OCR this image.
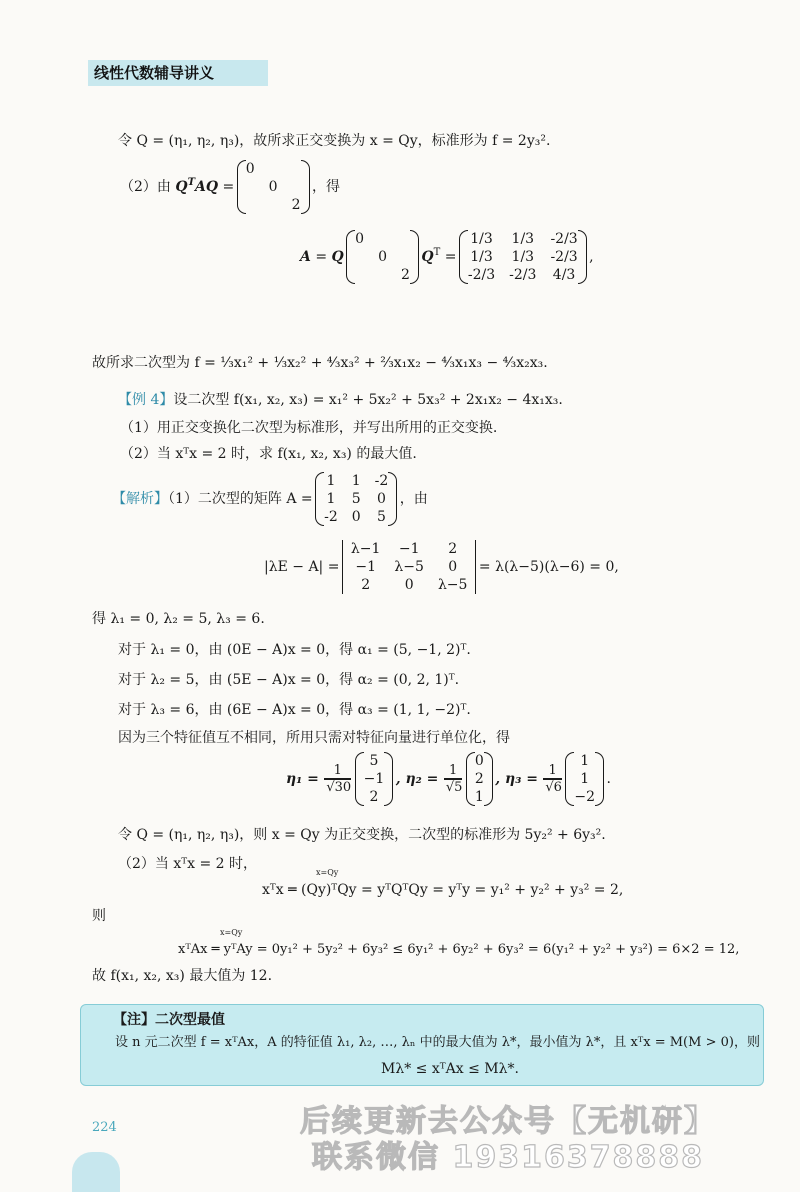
线性代数辅导讲义
令 Q = (η₁, η₂, η₃)，故所求正交变换为 x = Qy，标准形为 f = 2y₃².
（2）由 $Q^TAQ$ =
0		
	0	
		2
，得
A = Q
0		
	0	
		2
$Q^T$ =
1/3	1/3	-2/3
1/3	1/3	-2/3
-2/3	-2/3	4/3
,
故所求二次型为 f = ⅓x₁² + ⅓x₂² + ⁴⁄₃x₃² + ⅔x₁x₂ − ⁴⁄₃x₁x₃ − ⁴⁄₃x₂x₃.
【例 4】设二次型 f(x₁, x₂, x₃) = x₁² + 5x₂² + 5x₃² + 2x₁x₂ − 4x₁x₃.
（1）用正交变换化二次型为标准形，并写出所用的正交变换.
（2）当 xᵀx = 2 时，求 f(x₁, x₂, x₃) 的最大值.
【解析】（1）二次型的矩阵 A =
1	1	-2
1	5	0
-2	0	5
，由
|λE − A| =
λ−1	−1	2
−1	λ−5	0
2	0	λ−5
= λ(λ−5)(λ−6) = 0,
得 λ₁ = 0, λ₂ = 5, λ₃ = 6.
对于 λ₁ = 0，由 (0E − A)x = 0，得 α₁ = (5, −1, 2)ᵀ.
对于 λ₂ = 5，由 (5E − A)x = 0，得 α₂ = (0, 2, 1)ᵀ.
对于 λ₃ = 6，由 (6E − A)x = 0，得 α₃ = (1, 1, −2)ᵀ.
因为三个特征值互不相同，所用只需对特征向量进行单位化，得
$\eta_1 = \frac{1}{√30}$

5
−1
2
, $\eta_2 = \frac{1}{√5}$

0
2
1
, $\eta_3 = \frac{1}{√6}$

1
1
−2
.
令 Q = (η₁, η₂, η₃)，则 x = Qy 为正交变换，二次型的标准形为 5y₂² + 6y₃².
（2）当 xᵀx = 2 时，
x=Qy
xᵀx ═ (Qy)ᵀQy = yᵀQᵀQy = yᵀy = y₁² + y₂² + y₃² = 2,
则
x=Qy
xᵀAx ═ yᵀAy = 0y₁² + 5y₂² + 6y₃² ≤ 6y₁² + 6y₂² + 6y₃² = 6(y₁² + y₂² + y₃²) = 6×2 = 12,
故 f(x₁, x₂, x₃) 最大值为 12.
【注】二次型最值
设 n 元二次型 f = xᵀAx，A 的特征值 λ₁, λ₂, …, λₙ 中的最大值为 λ*，最小值为 λ*，且 xᵀx = M(M > 0)，则
Mλ* ≤ xᵀAx ≤ Mλ*.
224	后续更新去公众号【无机研】
联系微信 19316378888
